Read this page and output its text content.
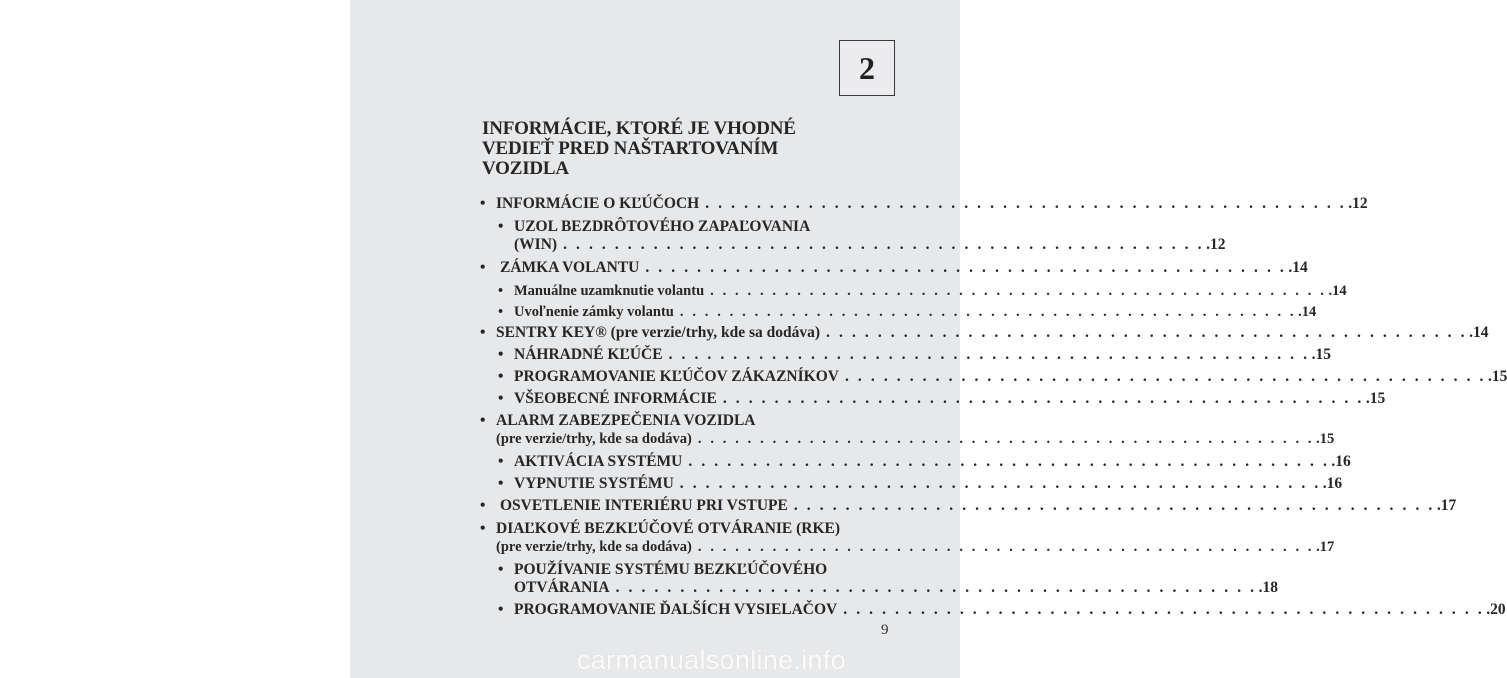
2
INFORMÁCIE, KTORÉ JE VHODNÉ
VEDIEŤ PRED NAŠTARTOVANÍM
VOZIDLA
• INFORMÁCIE O KĽÚČOCH . . . . . . . . . . . . . . . . . . . . . . . . . . . . . . . . . . . . . . . . . . . . . . . . . . .12
• UZOL BEZDRÔTOVÉHO ZAPAĽOVANIA
(WIN) . . . . . . . . . . . . . . . . . . . . . . . . . . . . . . . . . . . . . . . . . . . . . . . . . . .12
• ZÁMKA VOLANTU . . . . . . . . . . . . . . . . . . . . . . . . . . . . . . . . . . . . . . . . . . . . . . . . . . .14
• Manuálne uzamknutie volantu . . . . . . . . . . . . . . . . . . . . . . . . . . . . . . . . . . . . . . . . . . . . . . . . . . .14
• Uvoľnenie zámky volantu . . . . . . . . . . . . . . . . . . . . . . . . . . . . . . . . . . . . . . . . . . . . . . . . . . .14
• SENTRY KEY® (pre verzie/trhy, kde sa dodáva) . . . . . . . . . . . . . . . . . . . . . . . . . . . . . . . . . . . . . . . . . . . . . . . . . . .14
• NÁHRADNÉ KĽÚČE . . . . . . . . . . . . . . . . . . . . . . . . . . . . . . . . . . . . . . . . . . . . . . . . . . .15
• PROGRAMOVANIE KĽÚČOV ZÁKAZNÍKOV . . . . . . . . . . . . . . . . . . . . . . . . . . . . . . . . . . . . . . . . . . . . . . . . . . .15
• VŠEOBECNÉ INFORMÁCIE . . . . . . . . . . . . . . . . . . . . . . . . . . . . . . . . . . . . . . . . . . . . . . . . . . .15
• ALARM ZABEZPEČENIA VOZIDLA
(pre verzie/trhy, kde sa dodáva) . . . . . . . . . . . . . . . . . . . . . . . . . . . . . . . . . . . . . . . . . . . . . . . . . . .15
• AKTIVÁCIA SYSTÉMU . . . . . . . . . . . . . . . . . . . . . . . . . . . . . . . . . . . . . . . . . . . . . . . . . . .16
• VYPNUTIE SYSTÉMU . . . . . . . . . . . . . . . . . . . . . . . . . . . . . . . . . . . . . . . . . . . . . . . . . . .16
• OSVETLENIE INTERIÉRU PRI VSTUPE . . . . . . . . . . . . . . . . . . . . . . . . . . . . . . . . . . . . . . . . . . . . . . . . . . .17
• DIAĽKOVÉ BEZKĽÚČOVÉ OTVÁRANIE (RKE)
(pre verzie/trhy, kde sa dodáva) . . . . . . . . . . . . . . . . . . . . . . . . . . . . . . . . . . . . . . . . . . . . . . . . . . .17
• POUŽÍVANIE SYSTÉMU BEZKĽÚČOVÉHO
OTVÁRANIA . . . . . . . . . . . . . . . . . . . . . . . . . . . . . . . . . . . . . . . . . . . . . . . . . . .18
• PROGRAMOVANIE ĎALŠÍCH VYSIELAČOV . . . . . . . . . . . . . . . . . . . . . . . . . . . . . . . . . . . . . . . . . . . . . . . . . . .20
9
carmanualsonline.info
